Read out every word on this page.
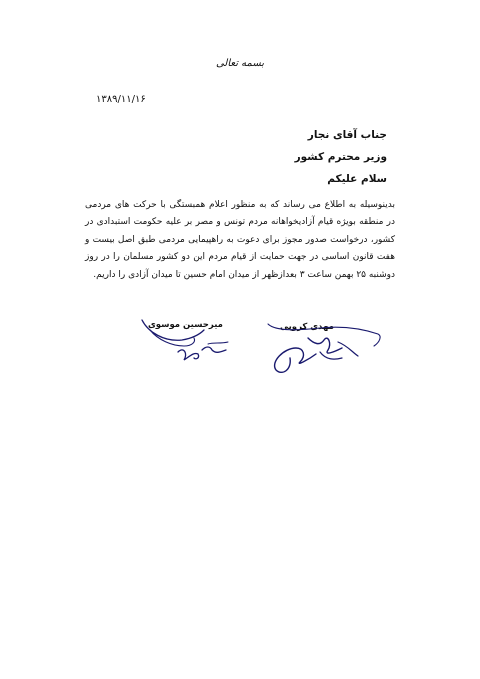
بسمه تعالی
۱۳۸۹/۱۱/۱۶
جناب آقای نجار
وزیر محترم کشور
سلام علیکم

بدینوسیله به اطلاع می رساند که به منظور اعلام همبستگی با حرکت های مردمی در منطقه بویژه قیام آزادیخواهانه مردم تونس و مصر بر علیه حکومت استبدادی در کشور، درخواست صدور مجوز برای دعوت به راهپیمایی مردمی طبق اصل بیست و هفت قانون اساسی در جهت حمایت از قیام مردم این دو کشور مسلمان را در روز دوشنبه ۲۵ بهمن ساعت ۳ بعدازظهر از میدان امام حسین تا میدان آزادی را داریم.

مهدی کروبی
میرحسین موسوی
